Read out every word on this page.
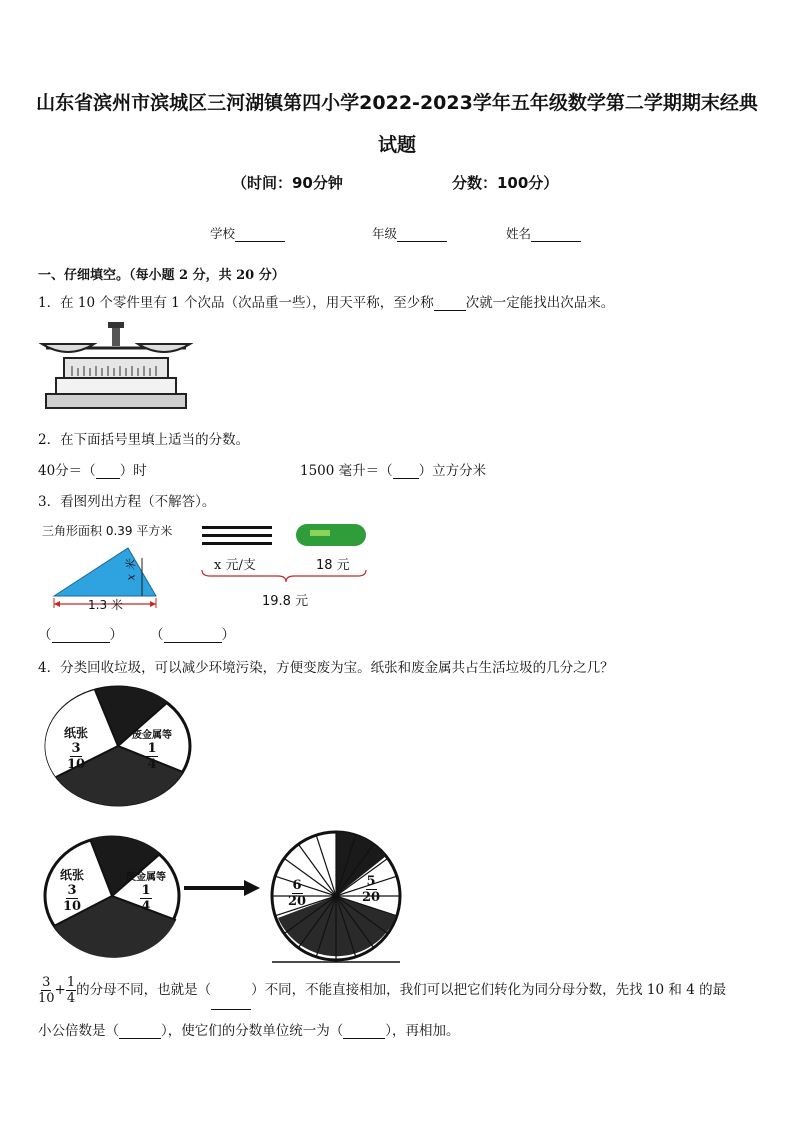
山东省滨州市滨城区三河湖镇第四小学2022-2023学年五年级数学第二学期期末经典
试题
（时间：90分钟	分数：100分）
学校	年级	姓名
一、仔细填空。（每小题 2 分，共 20 分）
1．在 10 个零件里有 1 个次品（次品重一些），用天平称，至少称 次就一定能找出次品来。
2．在下面括号里填上适当的分数。
40分＝（ ）时	1500 毫升＝（ ）立方分米
3．看图列出方程（不解答）。
三角形面积 0.39 平方米
x 米
1.3 米
x 元/支	18 元
19.8 元
（	） （	）
4．分类回收垃圾，可以减少环境污染，方便变废为宝。纸张和废金属共占生活垃圾的几分之几？
纸张
$\frac{3}{10}$
废金属等
$\frac{1}{4}$
纸张
$\frac{3}{10}$
废金属等
$\frac{1}{4}$	$\frac{6}{20}$	$\frac{5}{20}$
$\frac{3}{10} + \frac{1}{4}$ 的分母不同，也就是（	）不同，不能直接相加，我们可以把它们转化为同分母分数，先找 10 和 4 的最
小公倍数是（	），使它们的分数单位统一为（	），再相加。
